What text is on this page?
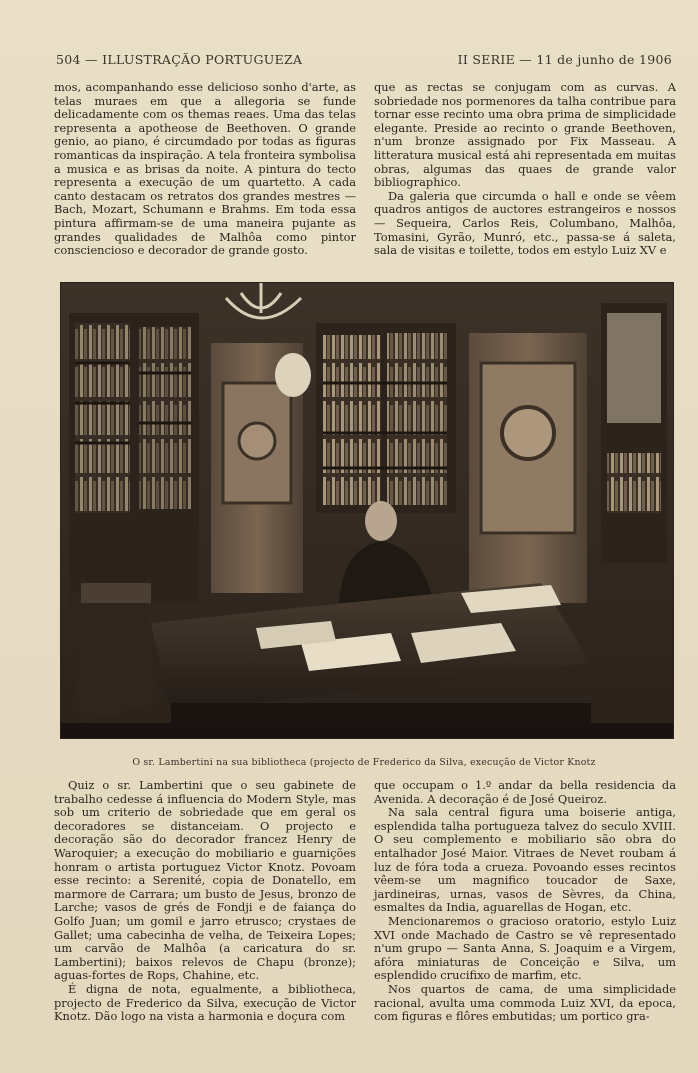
504 — ILLUSTRAÇÃO PORTUGUEZA	II SERIE — 11 de junho de 1906

mos, acompanhando esse delicioso sonho d'arte, as telas muraes em que a allegoria se funde delicadamente com os themas reaes. Uma das telas representa a apotheose de Beethoven. O grande genio, ao piano, é circumdado por todas as figuras romanticas da inspiração. A tela fronteira symbolisa a musica e as brisas da noite. A pintura do tecto representa a execução de um quartetto. A cada canto destacam os retratos dos grandes mestres — Bach, Mozart, Schumann e Brahms. Em toda essa pintura affirmam-se de uma maneira pujante as grandes qualidades de Malhôa como pintor consciencioso e decorador de grande gosto.

que as rectas se conjugam com as curvas. A sobriedade nos pormenores da talha contribue para tornar esse recinto uma obra prima de simplicidade elegante. Preside ao recinto o grande Beethoven, n'um bronze assignado por Fix Masseau. A litteratura musical está ahi representada em muitas obras, algumas das quaes de grande valor bibliographico.

Da galeria que circumda o hall e onde se vêem quadros antigos de auctores estrangeiros e nossos — Sequeira, Carlos Reis, Columbano, Malhôa, Tomasini, Gyrão, Munró, etc., passa-se á saleta, sala de visitas e toilette, todos em estylo Luiz XV e

O sr. Lambertini na sua bibliotheca (projecto de Frederico da Silva, execução de Victor Knotz

Quiz o sr. Lambertini que o seu gabinete de trabalho cedesse á influencia do Modern Style, mas sob um criterio de sobriedade que em geral os decoradores se distanceiam. O projecto e decoração são do decorador francez Henry de Waroquier; a execução do mobiliario e guarnições honram o artista portuguez Victor Knotz. Povoam esse recinto: a Serenité, copia de Donatello, em marmore de Carrara; um busto de Jesus, bronzo de Larche; vasos de grés de Fondji e de faiança do Golfo Juan; um gomil e jarro etrusco; crystaes de Gallet; uma cabecinha de velha, de Teixeira Lopes; um carvão de Malhôa (a caricatura do sr. Lambertini); baixos relevos de Chapu (bronze); aguas-fortes de Rops, Chahine, etc.

É digna de nota, egualmente, a bibliotheca, projecto de Frederico da Silva, execução de Victor Knotz. Dão logo na vista a harmonia e doçura com

que occupam o 1.º andar da bella residencia da Avenida. A decoração é de José Queiroz.

Na sala central figura uma boiserie antiga, esplendida talha portugueza talvez do seculo XVIII. O seu complemento e mobiliario são obra do entalhador José Maior. Vitraes de Nevet roubam á luz de fóra toda a crueza. Povoando esses recintos vêem-se um magnifico toucador de Saxe, jardineiras, urnas, vasos de Sèvres, da China, esmaltes da India, aguarellas de Hogan, etc.

Mencionaremos o gracioso oratorio, estylo Luiz XVI onde Machado de Castro se vê representado n'um grupo — Santa Anna, S. Joaquim e a Virgem, afóra miniaturas de Conceição e Silva, um esplendido crucifixo de marfim, etc.

Nos quartos de cama, de uma simplicidade racional, avulta uma commoda Luiz XVI, da epoca, com figuras e flôres embutidas; um portico gra-
